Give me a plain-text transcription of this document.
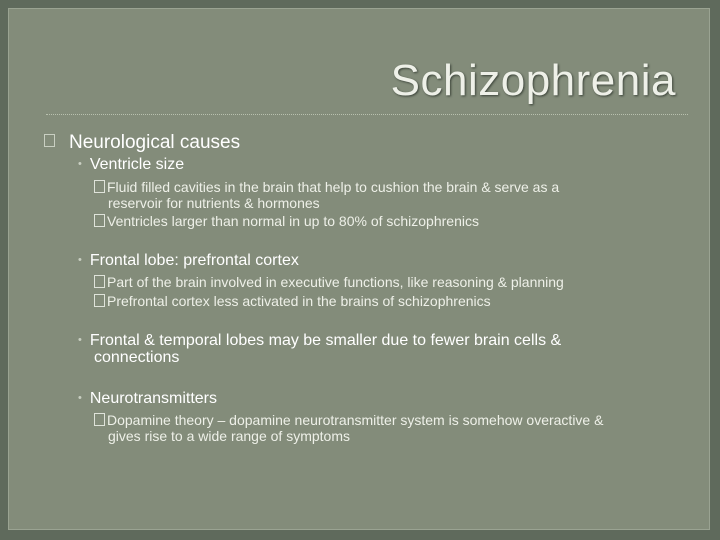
Schizophrenia
Neurological causes
• Ventricle size
Fluid filled cavities in the brain that help to cushion the brain & serve as a
reservoir for nutrients & hormones
Ventricles larger than normal in up to 80% of schizophrenics
• Frontal lobe: prefrontal cortex
Part of the brain involved in executive functions, like reasoning & planning
Prefrontal cortex less activated in the brains of schizophrenics
• Frontal & temporal lobes may be smaller due to fewer brain cells &
connections
• Neurotransmitters
Dopamine theory – dopamine neurotransmitter system is somehow overactive &
gives rise to a wide range of symptoms
